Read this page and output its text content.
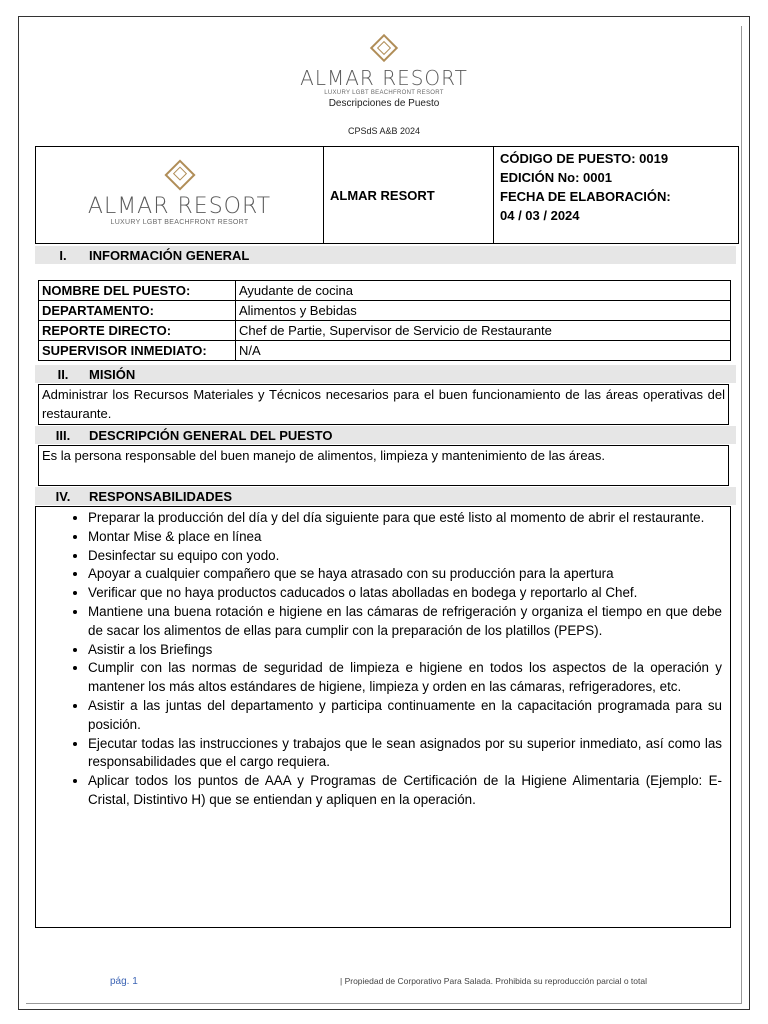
ALMAR RESORT
LUXURY LGBT BEACHFRONT RESORT
Descripciones de Puesto
CPSdS A&B 2024
ALMAR RESORT
LUXURY LGBT BEACHFRONT RESORT
ALMAR RESORT
CÓDIGO DE PUESTO: 0019
EDICIÓN No: 0001
FECHA DE ELABORACIÓN:
04 / 03 / 2024
I.	INFORMACIÓN GENERAL
NOMBRE DEL PUESTO:	Ayudante de cocina
DEPARTAMENTO:	Alimentos y Bebidas
REPORTE DIRECTO:	Chef de Partie, Supervisor de Servicio de Restaurante
SUPERVISOR INMEDIATO:	N/A
II.	MISIÓN
Administrar los Recursos Materiales y Técnicos necesarios para el buen funcionamiento de las áreas operativas del restaurante.
III.	DESCRIPCIÓN GENERAL DEL PUESTO
Es la persona responsable del buen manejo de alimentos, limpieza y mantenimiento de las áreas.
IV.	RESPONSABILIDADES
• Preparar la producción del día y del día siguiente para que esté listo al momento de abrir el restaurante.
• Montar Mise & place en línea
• Desinfectar su equipo con yodo.
• Apoyar a cualquier compañero que se haya atrasado con su producción para la apertura
• Verificar que no haya productos caducados o latas abolladas en bodega y reportarlo al Chef.
• Mantiene una buena rotación e higiene en las cámaras de refrigeración y organiza el tiempo en que debe de sacar los alimentos de ellas para cumplir con la preparación de los platillos (PEPS).
• Asistir a los Briefings
• Cumplir con las normas de seguridad de limpieza e higiene en todos los aspectos de la operación y mantener los más altos estándares de higiene, limpieza y orden en las cámaras, refrigeradores, etc.
• Asistir a las juntas del departamento y participa continuamente en la capacitación programada para su posición.
• Ejecutar todas las instrucciones y trabajos que le sean asignados por su superior inmediato, así como las responsabilidades que el cargo requiera.
• Aplicar todos los puntos de AAA y Programas de Certificación de la Higiene Alimentaria (Ejemplo: E- Cristal, Distintivo H) que se entiendan y apliquen en la operación.
pág. 1	| Propiedad de Corporativo Para Salada. Prohibida su reproducción parcial o total
